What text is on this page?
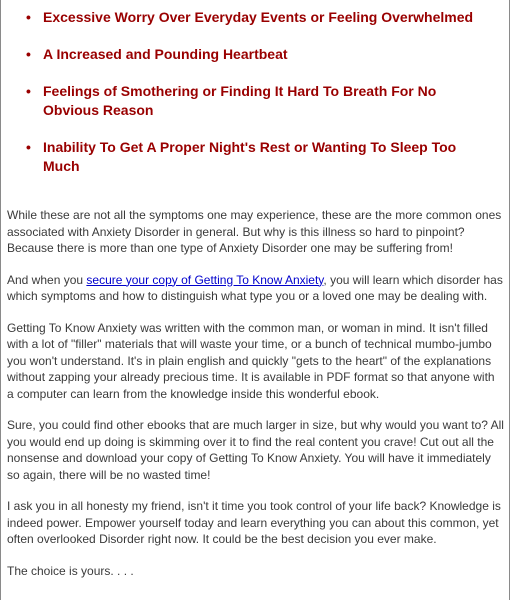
• Excessive Worry Over Everyday Events or Feeling Overwhelmed
• A Increased and Pounding Heartbeat
• Feelings of Smothering or Finding It Hard To Breath For No Obvious Reason
• Inability To Get A Proper Night's Rest or Wanting To Sleep Too Much

While these are not all the symptoms one may experience, these are the more common ones associated with Anxiety Disorder in general. But why is this illness so hard to pinpoint? Because there is more than one type of Anxiety Disorder one may be suffering from!

And when you secure your copy of Getting To Know Anxiety, you will learn which disorder has which symptoms and how to distinguish what type you or a loved one may be dealing with.

Getting To Know Anxiety was written with the common man, or woman in mind. It isn't filled with a lot of "filler" materials that will waste your time, or a bunch of technical mumbo-jumbo you won't understand. It's in plain english and quickly "gets to the heart" of the explanations without zapping your already precious time. It is available in PDF format so that anyone with a computer can learn from the knowledge inside this wonderful ebook.

Sure, you could find other ebooks that are much larger in size, but why would you want to? All you would end up doing is skimming over it to find the real content you crave! Cut out all the nonsense and download your copy of Getting To Know Anxiety. You will have it immediately so again, there will be no wasted time!

I ask you in all honesty my friend, isn't it time you took control of your life back? Knowledge is indeed power. Empower yourself today and learn everything you can about this common, yet often overlooked Disorder right now. It could be the best decision you ever make.

The choice is yours. . . .
